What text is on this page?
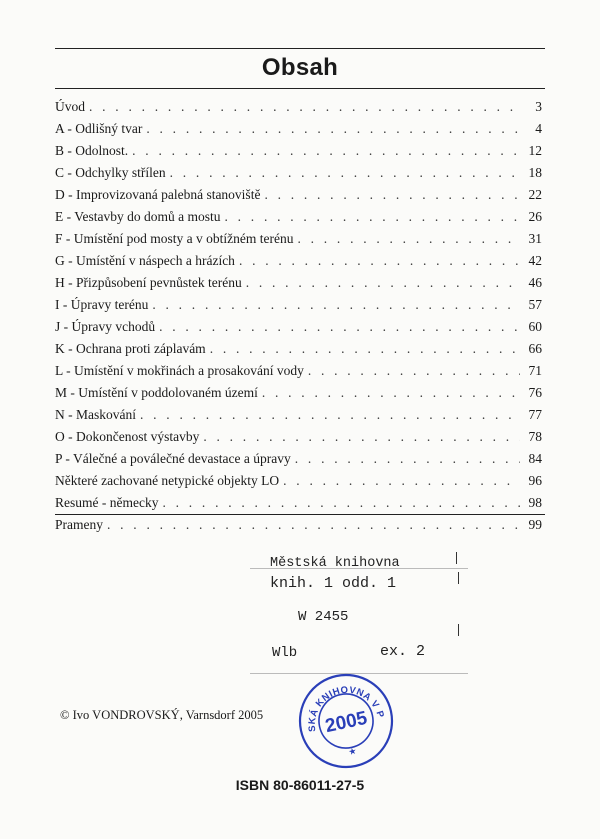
Obsah
Úvod . . .	3
A - Odlišný tvar . . .	4
B - Odolnost. . . .	12
C - Odchylky střílen . . .	18
D - Improvizovaná palebná stanoviště . . .	22
E - Vestavby do domů a mostu . . .	26
F - Umístění pod mosty a v obtížném terénu . . .	31
G - Umístění v náspech a hrázích . . .	42
H - Přizpůsobení pevnůstek terénu . . .	46
I - Úpravy terénu . . .	57
J - Úpravy vchodů . . .	60
K - Ochrana proti záplavám . . .	66
L - Umístění v mokřinách a prosakování vody . . .	71
M - Umístění v poddolovaném území . . .	76
N - Maskování . . .	77
O - Dokončenost výstavby . . .	78
P - Válečné a poválečné devastace a úpravy . . .	84
Některé zachované netypické objekty LO . . .	96
Resumé - německy . . .	98
Prameny . . .	99
Městská knihovna
knih. 1 odd. 1
W 2455
Wlb	ex. 2
© Ivo VONDROVSKÝ, Varnsdorf 2005
MĚSTSKÁ KNIHOVNA V PRAZE
2005
★
ISBN 80-86011-27-5
